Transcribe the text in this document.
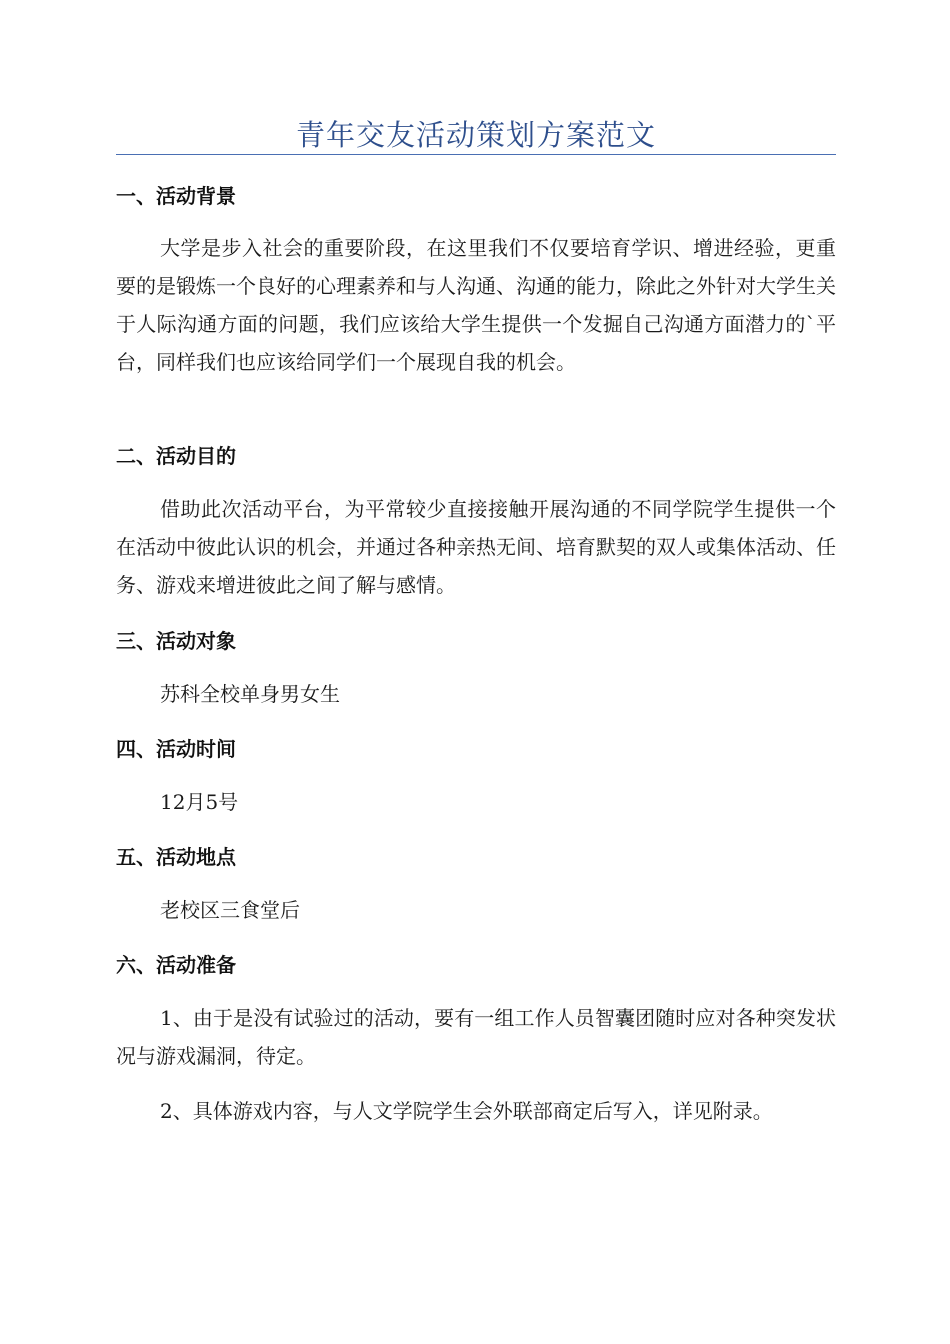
青年交友活动策划方案范文
一、活动背景
大学是步入社会的重要阶段，在这里我们不仅要培育学识、增进经验，更重要的是锻炼一个良好的心理素养和与人沟通、沟通的能力，除此之外针对大学生关于人际沟通方面的问题，我们应该给大学生提供一个发掘自己沟通方面潜力的`平台，同样我们也应该给同学们一个展现自我的机会。
二、活动目的
借助此次活动平台，为平常较少直接接触开展沟通的不同学院学生提供一个在活动中彼此认识的机会，并通过各种亲热无间、培育默契的双人或集体活动、任务、游戏来增进彼此之间了解与感情。
三、活动对象
苏科全校单身男女生
四、活动时间
12月5号
五、活动地点
老校区三食堂后
六、活动准备
1、由于是没有试验过的活动，要有一组工作人员智囊团随时应对各种突发状况与游戏漏洞，待定。
2、具体游戏内容，与人文学院学生会外联部商定后写入，详见附录。
